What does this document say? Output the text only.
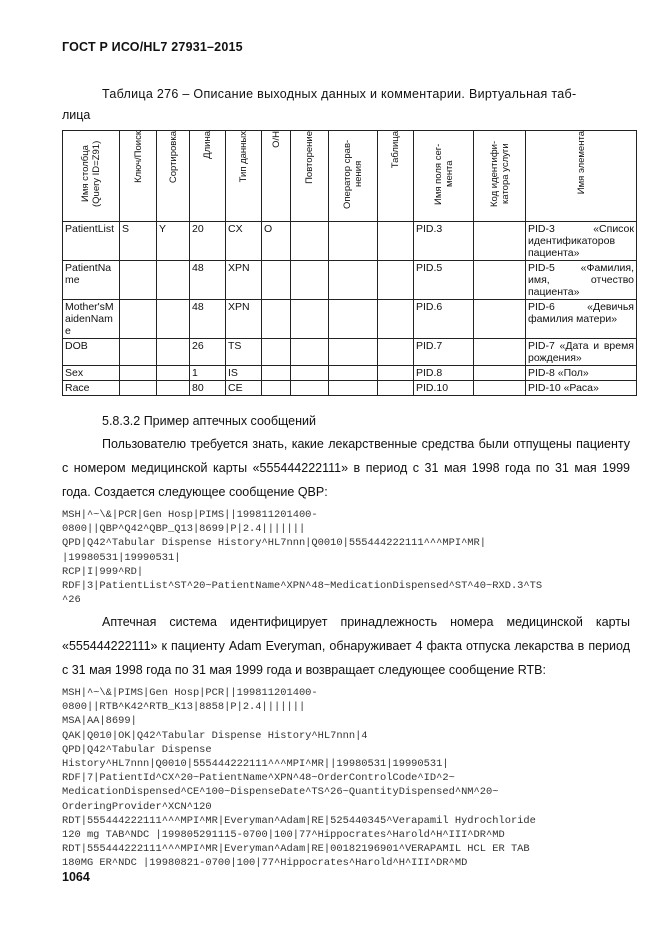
ГОСТ Р ИСО/HL7 27931–2015
Таблица 276 – Описание выходных данных и комментарии. Виртуальная таб-
лица
Имя столбца (Query ID=Z91)	Ключ/Поиск	Сортировка	Длина	Тип данных	О/Н	Повторение	Оператор срав-нения	Таблица	Имя поля сег-мента	Код идентифи-катора услуги	Имя элемента

PatientList	S	Y	20	CX	O				PID.3		PID-3 «Список идентификаторов пациента»
PatientName			48	XPN					PID.5		PID-5 «Фамилия, имя, отчество пациента»
Mother'sMaidenName			48	XPN					PID.6		PID-6 «Девичья фамилия матери»
DOB			26	TS					PID.7		PID-7 «Дата и время рождения»
Sex			1	IS					PID.8		PID-8 «Пол»
Race			80	CE					PID.10		PID-10 «Раса»
5.8.3.2 Пример аптечных сообщений
Пользователю требуется знать, какие лекарственные средства были отпущены пациенту с номером медицинской карты «555444222111» в период с 31 мая 1998 года по 31 мая 1999 года. Создается следующее сообщение QBP:
MSH|^~\&|PCR|Gen Hosp|PIMS||199811201400-
0800||QBP^Q42^QBP_Q13|8699|P|2.4|||||||
QPD|Q42^Tabular Dispense History^HL7nnn|Q0010|555444222111^^^MPI^MR|
|19980531|19990531|
RCP|I|999^RD|
RDF|3|PatientList^ST^20~PatientName^XPN^48~MedicationDispensed^ST^40~RXD.3^TS
^26
Аптечная система идентифицирует принадлежность номера медицинской карты «555444222111» к пациенту Adam Everyman, обнаруживает 4 факта отпуска лекарства в период с 31 мая 1998 года по 31 мая 1999 года и возвращает следующее сообщение RTB:
MSH|^~\&|PIMS|Gen Hosp|PCR||199811201400-
0800||RTB^K42^RTB_K13|8858|P|2.4|||||||
MSA|AA|8699|
QAK|Q010|OK|Q42^Tabular Dispense History^HL7nnn|4
QPD|Q42^Tabular Dispense
History^HL7nnn|Q0010|555444222111^^^MPI^MR||19980531|19990531|
RDF|7|PatientId^CX^20~PatientName^XPN^48~OrderControlCode^ID^2~
MedicationDispensed^CE^100~DispenseDate^TS^26~QuantityDispensed^NM^20~
OrderingProvider^XCN^120
RDT|555444222111^^^MPI^MR|Everyman^Adam|RE|525440345^Verapamil Hydrochloride
120 mg TAB^NDC |199805291115-0700|100|77^Hippocrates^Harold^H^III^DR^MD
RDT|555444222111^^^MPI^MR|Everyman^Adam|RE|00182196901^VERAPAMIL HCL ER TAB
180MG ER^NDC |19980821-0700|100|77^Hippocrates^Harold^H^III^DR^MD
1064
